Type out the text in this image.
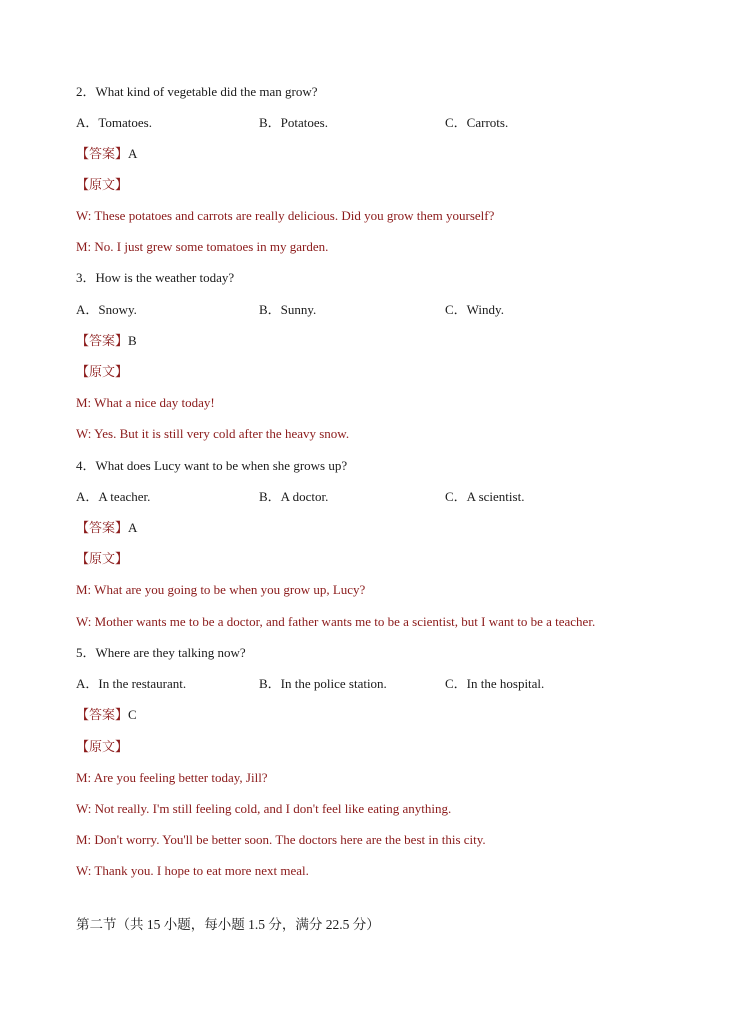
2．What kind of vegetable did the man grow?
A．Tomatoes.	B．Potatoes.	C．Carrots.
【答案】A
【原文】
W: These potatoes and carrots are really delicious. Did you grow them yourself?
M: No. I just grew some tomatoes in my garden.
3．How is the weather today?
A．Snowy.	B．Sunny.	C．Windy.
【答案】B
【原文】
M: What a nice day today!
W: Yes. But it is still very cold after the heavy snow.
4．What does Lucy want to be when she grows up?
A．A teacher.	B．A doctor.	C．A scientist.
【答案】A
【原文】
M: What are you going to be when you grow up, Lucy?
W: Mother wants me to be a doctor, and father wants me to be a scientist, but I want to be a teacher.
5．Where are they talking now?
A．In the restaurant.	B．In the police station.	C．In the hospital.
【答案】C
【原文】
M: Are you feeling better today, Jill?
W: Not really. I'm still feeling cold, and I don't feel like eating anything.
M: Don't worry. You'll be better soon. The doctors here are the best in this city.
W: Thank you. I hope to eat more next meal.
第二节（共 15 小题，每小题 1.5 分，满分 22.5 分）
